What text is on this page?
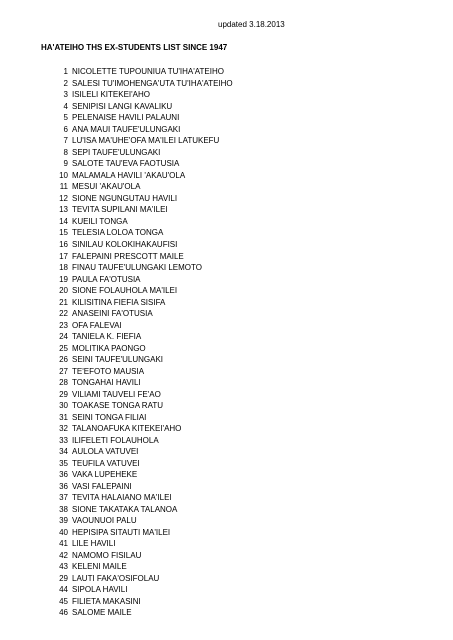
updated 3.18.2013
HA'ATEIHO THS EX-STUDENTS LIST SINCE 1947
1 NICOLETTE TUPOUNIUA TU'IHA'ATEIHO
2 SALESI TU'IMOHENGA'UTA TU'IHA'ATEIHO
3 ISILELI KITEKEI'AHO
4 SENIPISI LANGI KAVALIKU
5 PELENAISE HAVILI PALAUNI
6 ANA MAUI TAUFE'ULUNGAKI
7 LU'ISA MA'UHE'OFA MA'ILEI LATUKEFU
8 SEPI TAUFE'ULUNGAKI
9 SALOTE TAU'EVA FAOTUSIA
10 MALAMALA HAVILI 'AKAU'OLA
11 MESUI 'AKAU'OLA
12 SIONE NGUNGUTAU HAVILI
13 TEVITA SUPILANI MA'ILEI
14 KUEILI TONGA
15 TELESIA LOLOA TONGA
16 SINILAU KOLOKIHAKAUFISI
17 FALEPAINI PRESCOTT MAILE
18 FINAU TAUFE'ULUNGAKI LEMOTO
19 PAULA FA'OTUSIA
20 SIONE FOLAUHOLA MA'ILEI
21 KILISITINA FIEFIA SISIFA
22 ANASEINI FA'OTUSIA
23 OFA FALEVAI
24 TANIELA K. FIEFIA
25 MOLITIKA PAONGO
26 SEINI TAUFE'ULUNGAKI
27 TE'EFOTO MAUSIA
28 TONGAHAI HAVILI
29 VILIAMI TAUVELI FE'AO
30 TOAKASE TONGA RATU
31 SEINI TONGA FILIAI
32 TALANOAFUKA KITEKEI'AHO
33 ILIFELETI FOLAUHOLA
34 AULOLA VATUVEI
35 TEUFILA VATUVEI
36 VAKA LUPEHEKE
36 VASI FALEPAINI
37 TEVITA HALAIANO MA'ILEI
38 SIONE TAKATAKA TALANOA
39 VAOUNUOI PALU
40 HEPISIPA SITAUTI MA'ILEI
41 LILE HAVILI
42 NAMOMO FISILAU
43 KELENI MAILE
29 LAUTI FAKA'OSIFOLAU
44 SIPOLA HAVILI
45 FILIETA MAKASINI
46 SALOME MAILE
